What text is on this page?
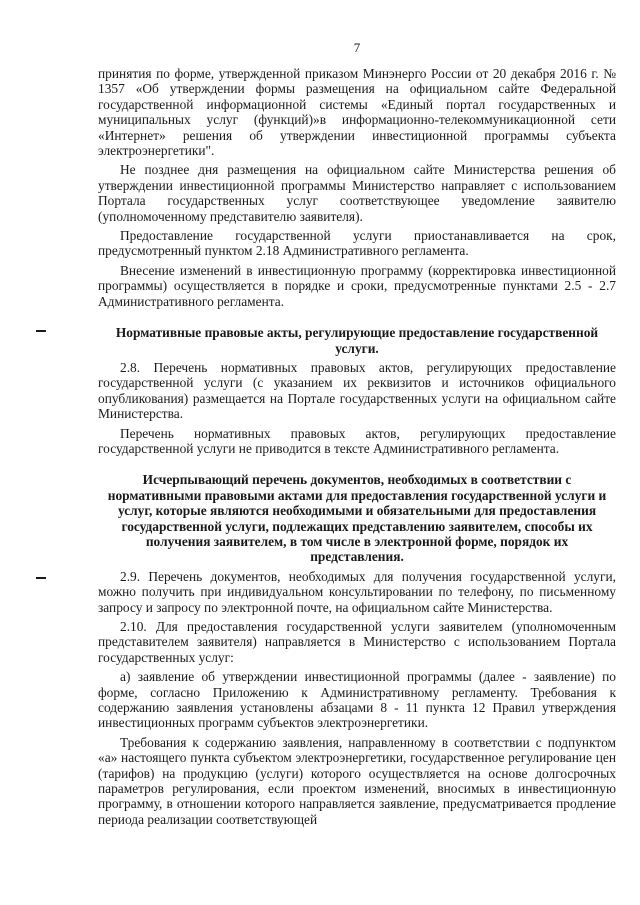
7

принятия по форме, утвержденной приказом Минэнерго России от 20 декабря 2016 г. № 1357 «Об утверждении формы размещения на официальном сайте Федеральной государственной информационной системы «Единый портал государственных и муниципальных услуг (функций)»в информационно-телекоммуникационной сети «Интернет» решения об утверждении инвестиционной программы субъекта электроэнергетики".

Не позднее дня размещения на официальном сайте Министерства решения об утверждении инвестиционной программы Министерство направляет с использованием Портала государственных услуг соответствующее уведомление заявителю (уполномоченному представителю заявителя).

Предоставление государственной услуги приостанавливается на срок, предусмотренный пунктом 2.18 Административного регламента.

Внесение изменений в инвестиционную программу (корректировка инвестиционной программы) осуществляется в порядке и сроки, предусмотренные пунктами 2.5 - 2.7 Административного регламента.

Нормативные правовые акты, регулирующие предоставление государственной услуги.

2.8. Перечень нормативных правовых актов, регулирующих предоставление государственной услуги (с указанием их реквизитов и источников официального опубликования) размещается на Портале государственных услуги на официальном сайте Министерства.

Перечень нормативных правовых актов, регулирующих предоставление государственной услуги не приводится в тексте Административного регламента.

Исчерпывающий перечень документов, необходимых в соответствии с нормативными правовыми актами для предоставления государственной услуги и услуг, которые являются необходимыми и обязательными для предоставления государственной услуги, подлежащих представлению заявителем, способы их получения заявителем, в том числе в электронной форме, порядок их представления.

2.9. Перечень документов, необходимых для получения государственной услуги, можно получить при индивидуальном консультировании по телефону, по письменному запросу и запросу по электронной почте, на официальном сайте Министерства.

2.10. Для предоставления государственной услуги заявителем (уполномоченным представителем заявителя) направляется в Министерство с использованием Портала государственных услуг:

а) заявление об утверждении инвестиционной программы (далее - заявление) по форме, согласно Приложению к Административному регламенту. Требования к содержанию заявления установлены абзацами 8 - 11 пункта 12 Правил утверждения инвестиционных программ субъектов электроэнергетики.

Требования к содержанию заявления, направленному в соответствии с подпунктом «а» настоящего пункта субъектом электроэнергетики, государственное регулирование цен (тарифов) на продукцию (услуги) которого осуществляется на основе долгосрочных параметров регулирования, если проектом изменений, вносимых в инвестиционную программу, в отношении которого направляется заявление, предусматривается продление периода реализации соответствующей
